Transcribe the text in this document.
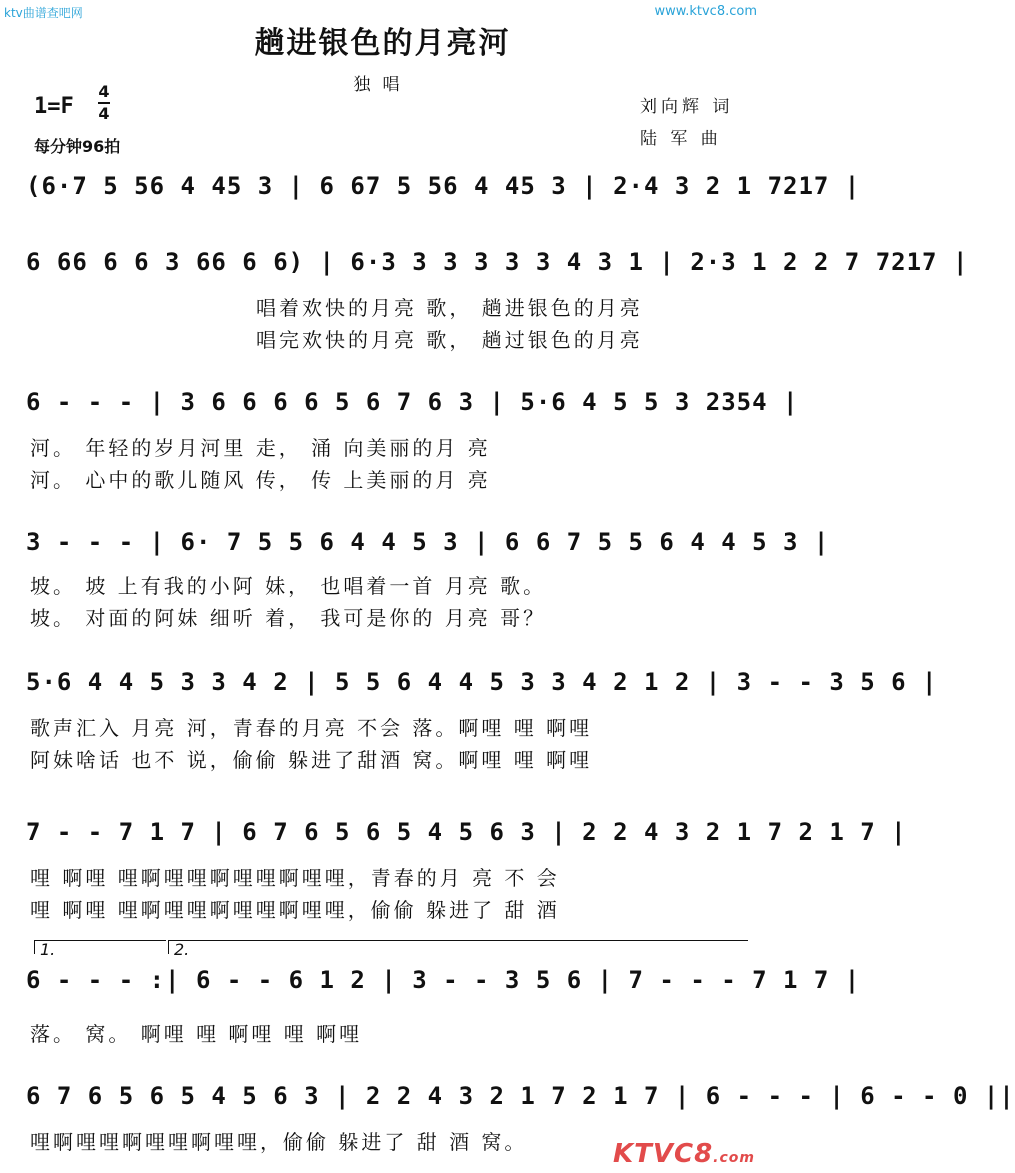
ktv曲谱查吧网	www.ktvc8.com
趟进银色的月亮河
独唱
1=F
4
4
每分钟96拍
刘向辉 词
陆 军 曲
(6·7 5 56 4 45 3 | 6 67 5 56 4 45 3 | 2·4 3 2 1 7217 |
6 66 6 6 3 66 6 6) | 6·3 3 3 3 3 3 4 3 1 | 2·3 1 2 2 7 7217 |
唱着欢快的月亮 歌， 趟进银色的月亮
唱完欢快的月亮 歌， 趟过银色的月亮
6 - - - | 3 6 6 6 6 5 6 7 6 3 | 5·6 4 5 5 3 2354 |
河。 年轻的岁月河里 走， 涌 向美丽的月 亮
河。 心中的歌儿随风 传， 传 上美丽的月 亮
3 - - - | 6· 7 5 5 6 4 4 5 3 | 6 6 7 5 5 6 4 4 5 3 |
坡。 坡 上有我的小阿 妹， 也唱着一首 月亮 歌。
坡。 对面的阿妹 细听 着， 我可是你的 月亮 哥？
5·6 4 4 5 3 3 4 2 | 5 5 6 4 4 5 3 3 4 2 1 2 | 3 - - 3 5 6 |
歌声汇入 月亮 河，青春的月亮 不会 落。啊哩 哩 啊哩
阿妹啥话 也不 说，偷偷 躲进了甜酒 窝。啊哩 哩 啊哩
7 - - 7 1 7 | 6 7 6 5 6 5 4 5 6 3 | 2 2 4 3 2 1 7 2 1 7 |
哩 啊哩 哩啊哩哩啊哩哩啊哩哩，青春的月 亮 不 会
哩 啊哩 哩啊哩哩啊哩哩啊哩哩，偷偷 躲进了 甜 酒
1.	2.
6 - - - :| 6 - - 6 1 2 | 3 - - 3 5 6 | 7 - - - 7 1 7 |
落。 窝。 啊哩 哩 啊哩 哩 啊哩
6 7 6 5 6 5 4 5 6 3 | 2 2 4 3 2 1 7 2 1 7 | 6 - - - | 6 - - 0 ||
哩啊哩哩啊哩哩啊哩哩，偷偷 躲进了 甜 酒 窝。	KTVC8.com
